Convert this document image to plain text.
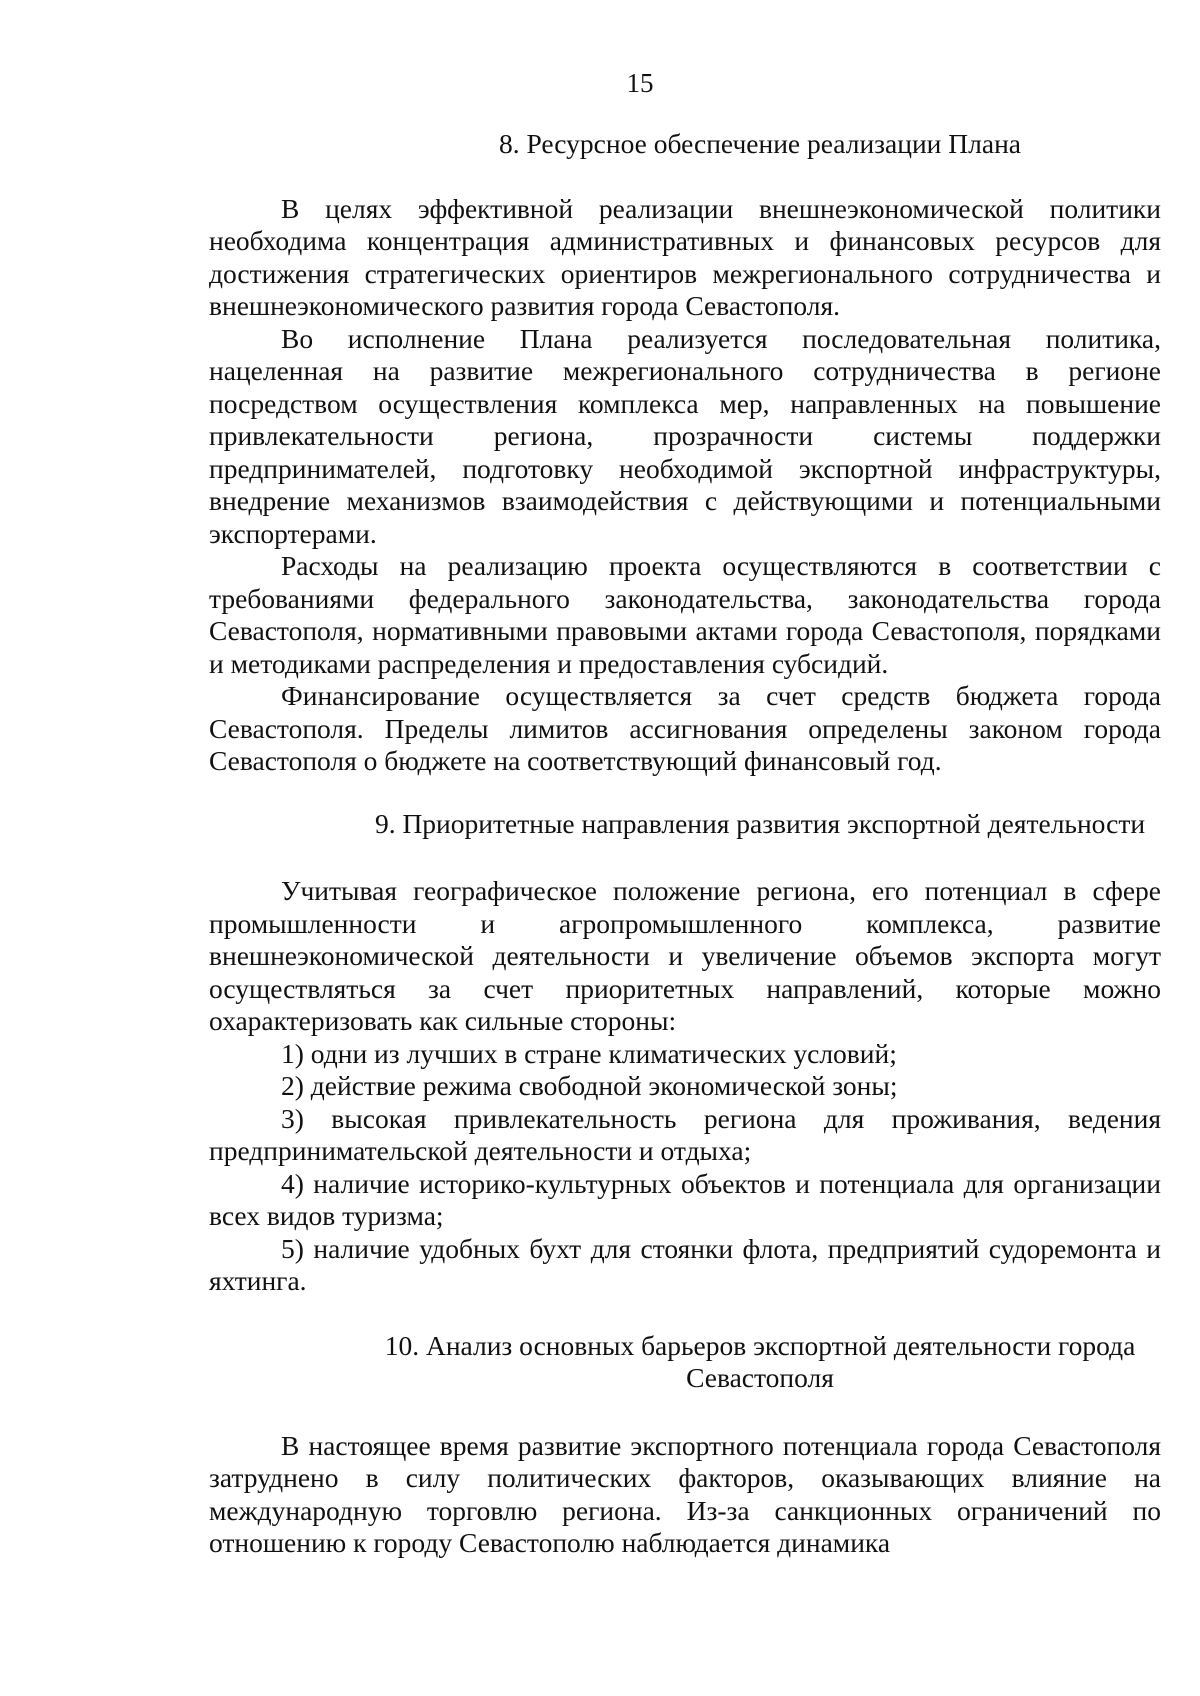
15
8. Ресурсное обеспечение реализации Плана

В целях эффективной реализации внешнеэкономической политики необходима концентрация административных и финансовых ресурсов для достижения стратегических ориентиров межрегионального сотрудничества и внешнеэкономического развития города Севастополя.

Во исполнение Плана реализуется последовательная политика, нацеленная на развитие межрегионального сотрудничества в регионе посредством осуществления комплекса мер, направленных на повышение привлекательности региона, прозрачности системы поддержки предпринимателей, подготовку необходимой экспортной инфраструктуры, внедрение механизмов взаимодействия с действующими и потенциальными экспортерами.

Расходы на реализацию проекта осуществляются в соответствии с требованиями федерального законодательства, законодательства города Севастополя, нормативными правовыми актами города Севастополя, порядками и методиками распределения и предоставления субсидий.

Финансирование осуществляется за счет средств бюджета города Севастополя. Пределы лимитов ассигнования определены законом города Севастополя о бюджете на соответствующий финансовый год.

9. Приоритетные направления развития экспортной деятельности

Учитывая географическое положение региона, его потенциал в сфере промышленности и агропромышленного комплекса, развитие внешнеэкономической деятельности и увеличение объемов экспорта могут осуществляться за счет приоритетных направлений, которые можно охарактеризовать как сильные стороны:

1) одни из лучших в стране климатических условий;

2) действие режима свободной экономической зоны;

3) высокая привлекательность региона для проживания, ведения предпринимательской деятельности и отдыха;

4) наличие историко-культурных объектов и потенциала для организации всех видов туризма;

5) наличие удобных бухт для стоянки флота, предприятий судоремонта и яхтинга.

10. Анализ основных барьеров экспортной деятельности города
Севастополя

В настоящее время развитие экспортного потенциала города Севастополя затруднено в силу политических факторов, оказывающих влияние на международную торговлю региона. Из-за санкционных ограничений по отношению к городу Севастополю наблюдается динамика
